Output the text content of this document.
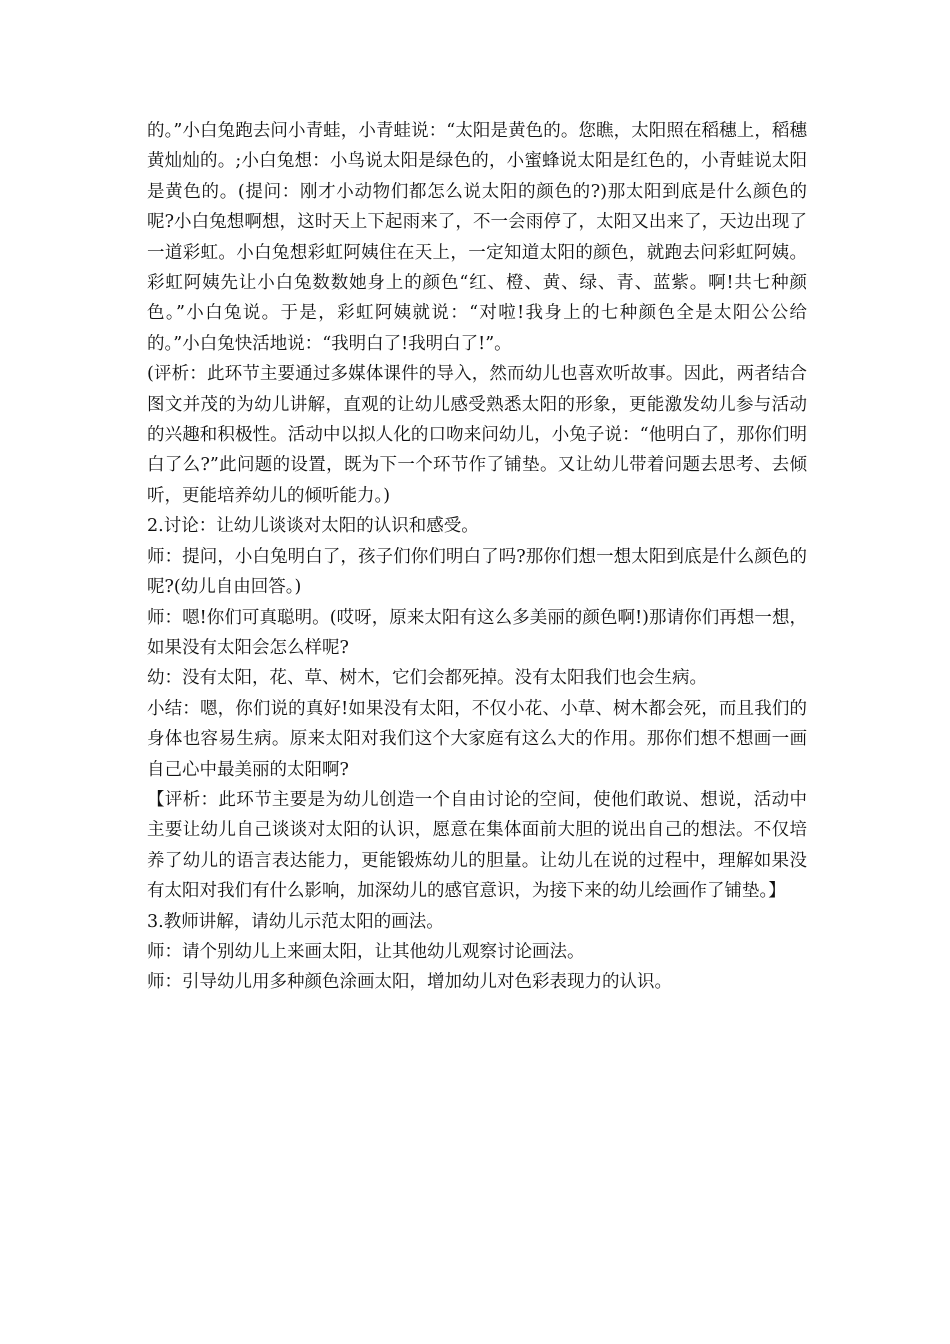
的。”小白兔跑去问小青蛙，小青蛙说：“太阳是黄色的。您瞧，太阳照在稻穗上，稻穗黄灿灿的。;小白兔想：小鸟说太阳是绿色的，小蜜蜂说太阳是红色的，小青蛙说太阳是黄色的。(提问：刚才小动物们都怎么说太阳的颜色的?)那太阳到底是什么颜色的呢?小白兔想啊想，这时天上下起雨来了，不一会雨停了，太阳又出来了，天边出现了一道彩虹。小白兔想彩虹阿姨住在天上，一定知道太阳的颜色，就跑去问彩虹阿姨。彩虹阿姨先让小白兔数数她身上的颜色“红、橙、黄、绿、青、蓝紫。啊!共七种颜色。”小白兔说。于是，彩虹阿姨就说：“对啦!我身上的七种颜色全是太阳公公给的。”小白兔快活地说：“我明白了!我明白了!”。

(评析：此环节主要通过多媒体课件的导入，然而幼儿也喜欢听故事。因此，两者结合图文并茂的为幼儿讲解，直观的让幼儿感受熟悉太阳的形象，更能激发幼儿参与活动的兴趣和积极性。活动中以拟人化的口吻来问幼儿，小兔子说：“他明白了，那你们明白了么?”此问题的设置，既为下一个环节作了铺垫。又让幼儿带着问题去思考、去倾听，更能培养幼儿的倾听能力。)

2.讨论：让幼儿谈谈对太阳的认识和感受。

师：提问，小白兔明白了，孩子们你们明白了吗?那你们想一想太阳到底是什么颜色的呢?(幼儿自由回答。)

师：嗯!你们可真聪明。(哎呀，原来太阳有这么多美丽的颜色啊!)那请你们再想一想，如果没有太阳会怎么样呢?

幼：没有太阳，花、草、树木，它们会都死掉。没有太阳我们也会生病。

小结：嗯，你们说的真好!如果没有太阳，不仅小花、小草、树木都会死，而且我们的身体也容易生病。原来太阳对我们这个大家庭有这么大的作用。那你们想不想画一画自己心中最美丽的太阳啊?

【评析：此环节主要是为幼儿创造一个自由讨论的空间，使他们敢说、想说，活动中主要让幼儿自己谈谈对太阳的认识，愿意在集体面前大胆的说出自己的想法。不仅培养了幼儿的语言表达能力，更能锻炼幼儿的胆量。让幼儿在说的过程中，理解如果没有太阳对我们有什么影响，加深幼儿的感官意识，为接下来的幼儿绘画作了铺垫。】

3.教师讲解，请幼儿示范太阳的画法。

师：请个别幼儿上来画太阳，让其他幼儿观察讨论画法。

师：引导幼儿用多种颜色涂画太阳，增加幼儿对色彩表现力的认识。
